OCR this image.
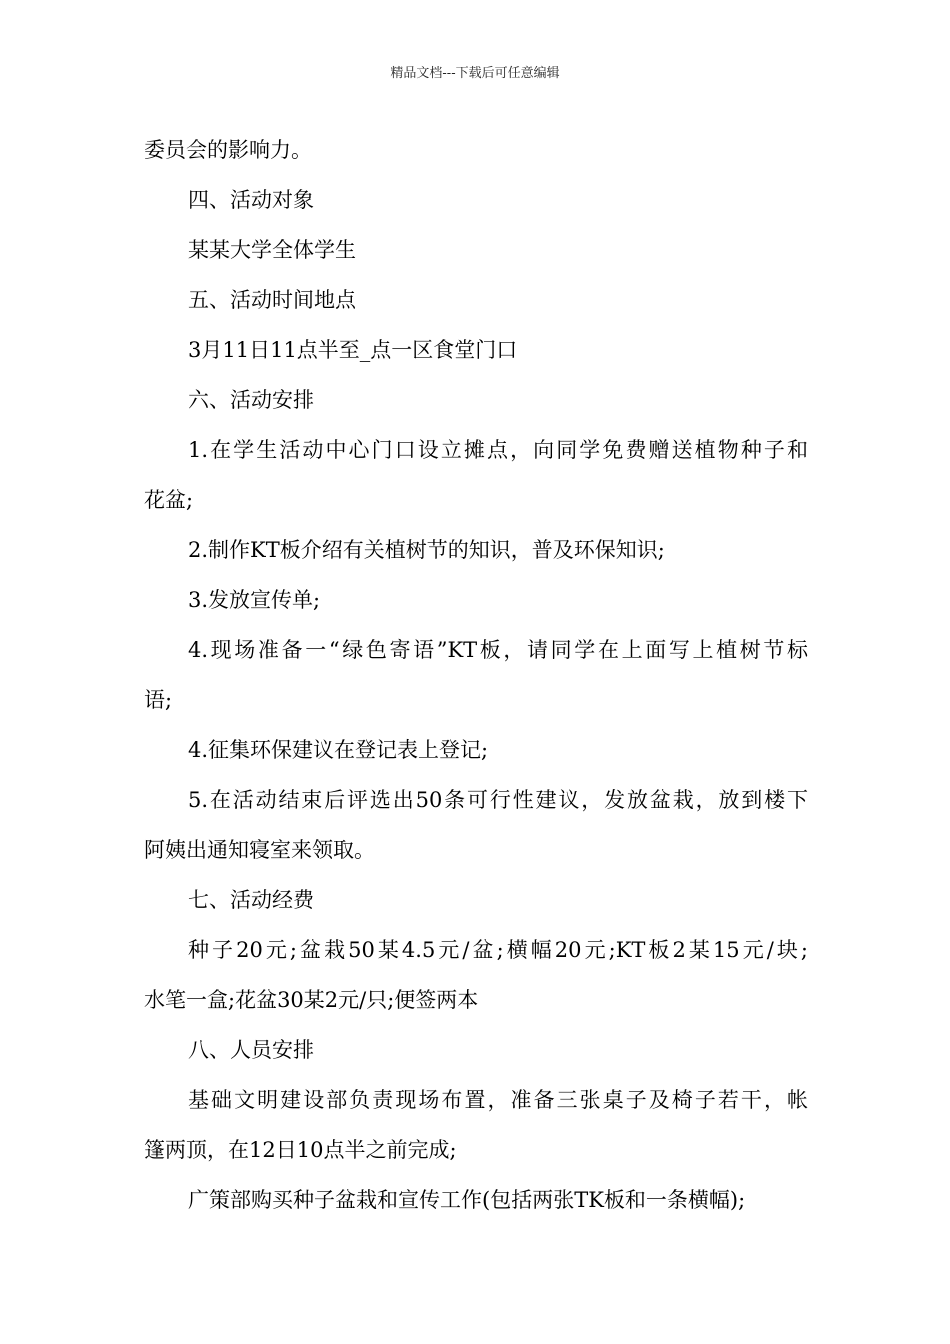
精品文档---下载后可任意编辑
委员会的影响力。
四、活动对象
某某大学全体学生
五、活动时间地点
3月11日11点半至_点一区食堂门口
六、活动安排
1.在学生活动中心门口设立摊点，向同学免费赠送植物种子和
花盆;
2.制作KT板介绍有关植树节的知识，普及环保知识;
3.发放宣传单;
4.现场准备一“绿色寄语”KT板，请同学在上面写上植树节标
语;
4.征集环保建议在登记表上登记;
5.在活动结束后评选出50条可行性建议，发放盆栽，放到楼下
阿姨出通知寝室来领取。
七、活动经费
种子20元;盆栽50某4.5元/盆;横幅20元;KT板2某15元/块;
水笔一盒;花盆30某2元/只;便签两本
八、人员安排
基础文明建设部负责现场布置，准备三张桌子及椅子若干，帐
篷两顶，在12日10点半之前完成;
广策部购买种子盆栽和宣传工作(包括两张TK板和一条横幅);
